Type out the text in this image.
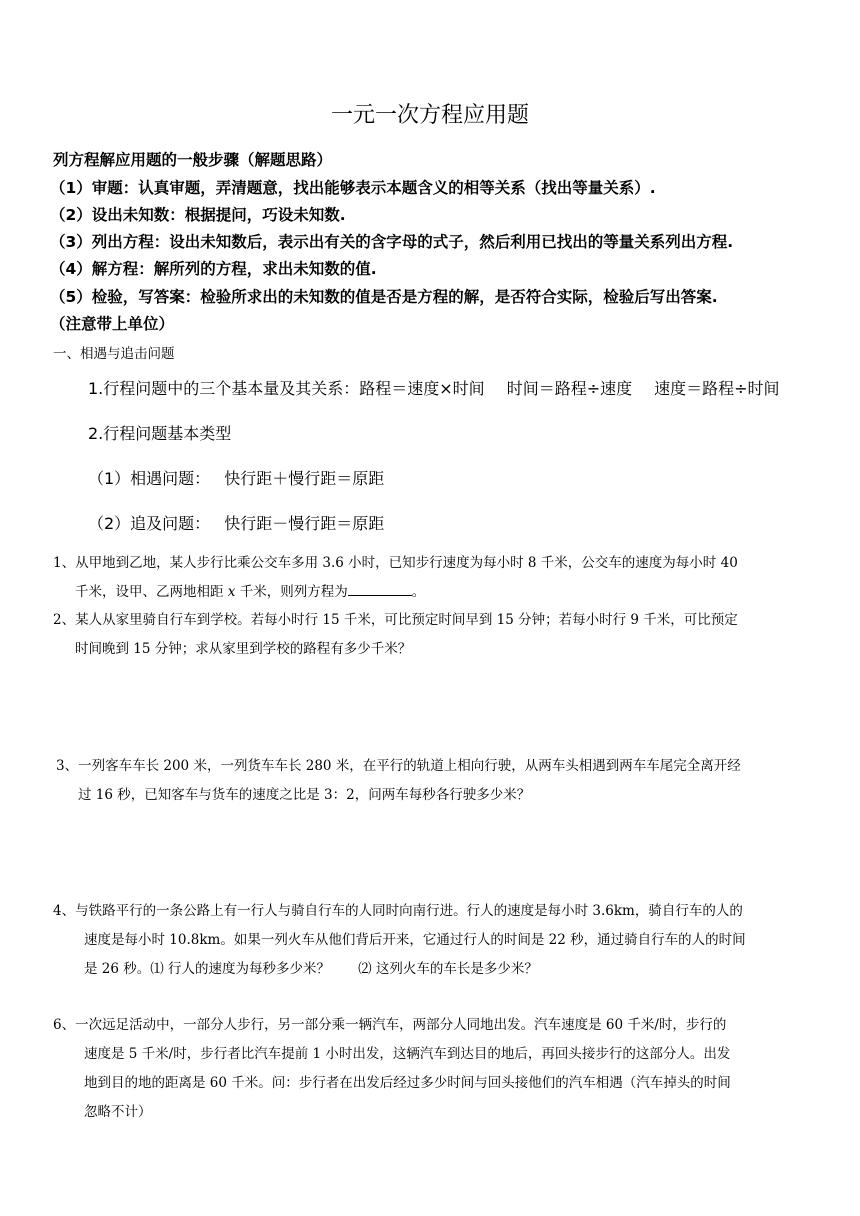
一元一次方程应用题
列方程解应用题的一般步骤（解题思路）
（1）审题：认真审题，弄清题意，找出能够表示本题含义的相等关系（找出等量关系）.
（2）设出未知数：根据提问，巧设未知数.
（3）列出方程：设出未知数后，表示出有关的含字母的式子，然后利用已找出的等量关系列出方程.
（4）解方程：解所列的方程，求出未知数的值.
（5）检验，写答案：检验所求出的未知数的值是否是方程的解，是否符合实际，检验后写出答案.
（注意带上单位）
一、相遇与追击问题
1.行程问题中的三个基本量及其关系：路程＝速度×时间 时间＝路程÷速度 速度＝路程÷时间
2.行程问题基本类型
（1）相遇问题： 快行距＋慢行距＝原距
（2）追及问题： 快行距－慢行距＝原距
1、从甲地到乙地，某人步行比乘公交车多用 3.6 小时，已知步行速度为每小时 8 千米，公交车的速度为每小时 40
千米，设甲、乙两地相距 x 千米，则列方程为	。
2、某人从家里骑自行车到学校。若每小时行 15 千米，可比预定时间早到 15 分钟；若每小时行 9 千米，可比预定
时间晚到 15 分钟；求从家里到学校的路程有多少千米？
3、一列客车车长 200 米，一列货车车长 280 米，在平行的轨道上相向行驶，从两车头相遇到两车车尾完全离开经
过 16 秒，已知客车与货车的速度之比是 3：2，问两车每秒各行驶多少米？
4、与铁路平行的一条公路上有一行人与骑自行车的人同时向南行进。行人的速度是每小时 3.6km，骑自行车的人的
速度是每小时 10.8km。如果一列火车从他们背后开来，它通过行人的时间是 22 秒，通过骑自行车的人的时间
是 26 秒。⑴ 行人的速度为每秒多少米？ ⑵ 这列火车的车长是多少米？
6、一次远足活动中，一部分人步行，另一部分乘一辆汽车，两部分人同地出发。汽车速度是 60 千米/时，步行的
速度是 5 千米/时，步行者比汽车提前 1 小时出发，这辆汽车到达目的地后，再回头接步行的这部分人。出发
地到目的地的距离是 60 千米。问：步行者在出发后经过多少时间与回头接他们的汽车相遇（汽车掉头的时间
忽略不计）
